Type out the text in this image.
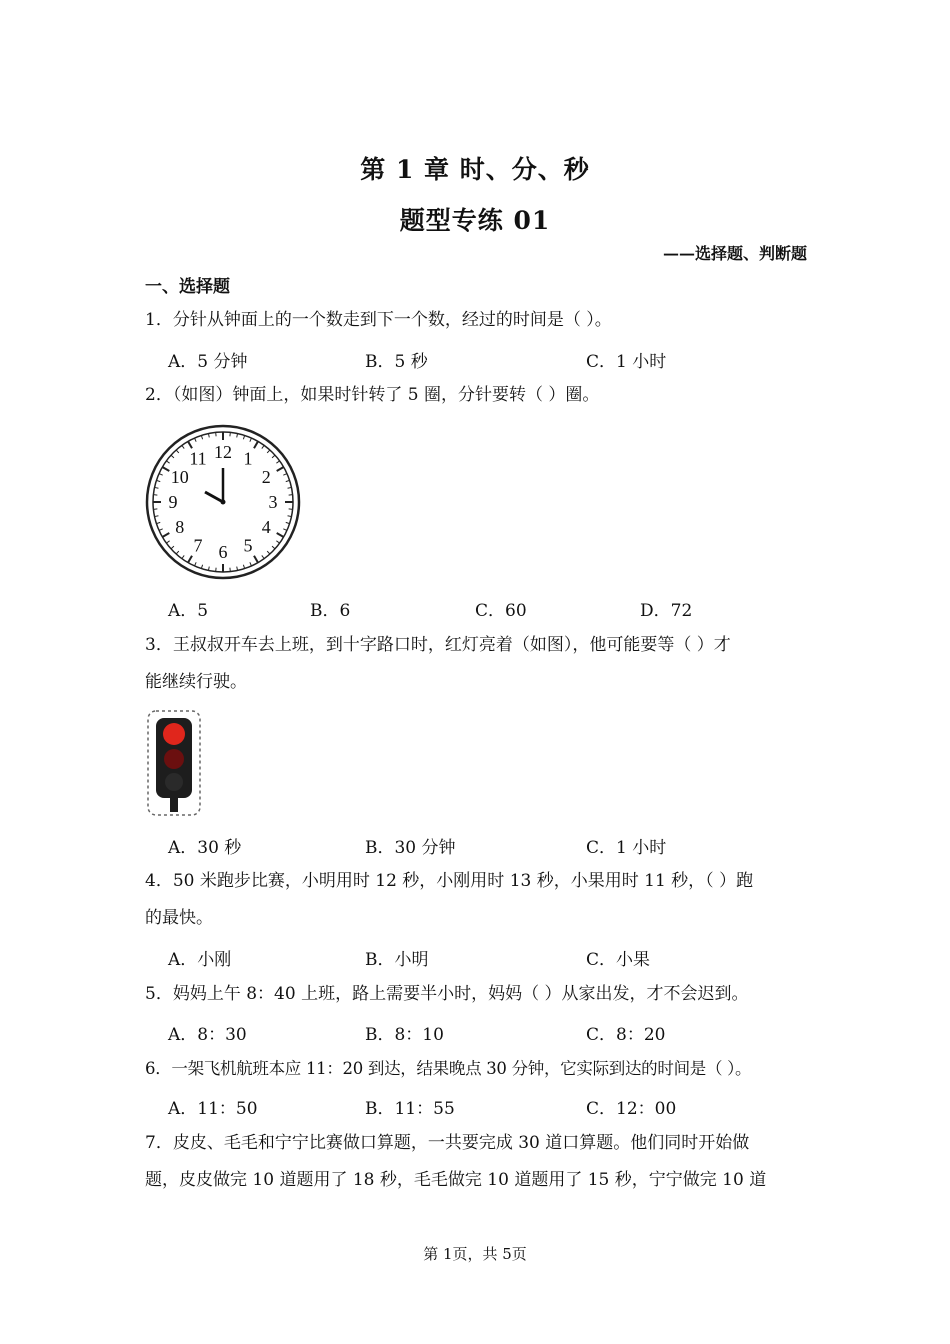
第 1 章 时、分、秒
题型专练 01
——选择题、判断题
一、选择题
1．分针从钟面上的一个数走到下一个数，经过的时间是（ ）。
A．5 分钟	B．5 秒	C．1 小时
2．（如图）钟面上，如果时针转了 5 圈，分针要转（ ）圈。
12 1
2
3
4
5
6
7
8
9
10
11
A．5	B．6	C．60	D．72
3．王叔叔开车去上班，到十字路口时，红灯亮着（如图），他可能要等（ ）才
能继续行驶。
A．30 秒	B．30 分钟	C．1 小时
4．50 米跑步比赛，小明用时 12 秒，小刚用时 13 秒，小果用时 11 秒，（ ）跑
的最快。
A．小刚	B．小明	C．小果
5．妈妈上午 8：40 上班，路上需要半小时，妈妈（ ）从家出发，才不会迟到。
A．8：30	B．8：10	C．8：20
6．一架飞机航班本应 11：20 到达，结果晚点 30 分钟，它实际到达的时间是（ ）。
A．11：50	B．11：55	C．12：00
7．皮皮、毛毛和宁宁比赛做口算题，一共要完成 30 道口算题。他们同时开始做
题，皮皮做完 10 道题用了 18 秒，毛毛做完 10 道题用了 15 秒，宁宁做完 10 道
第 1页，共 5页
